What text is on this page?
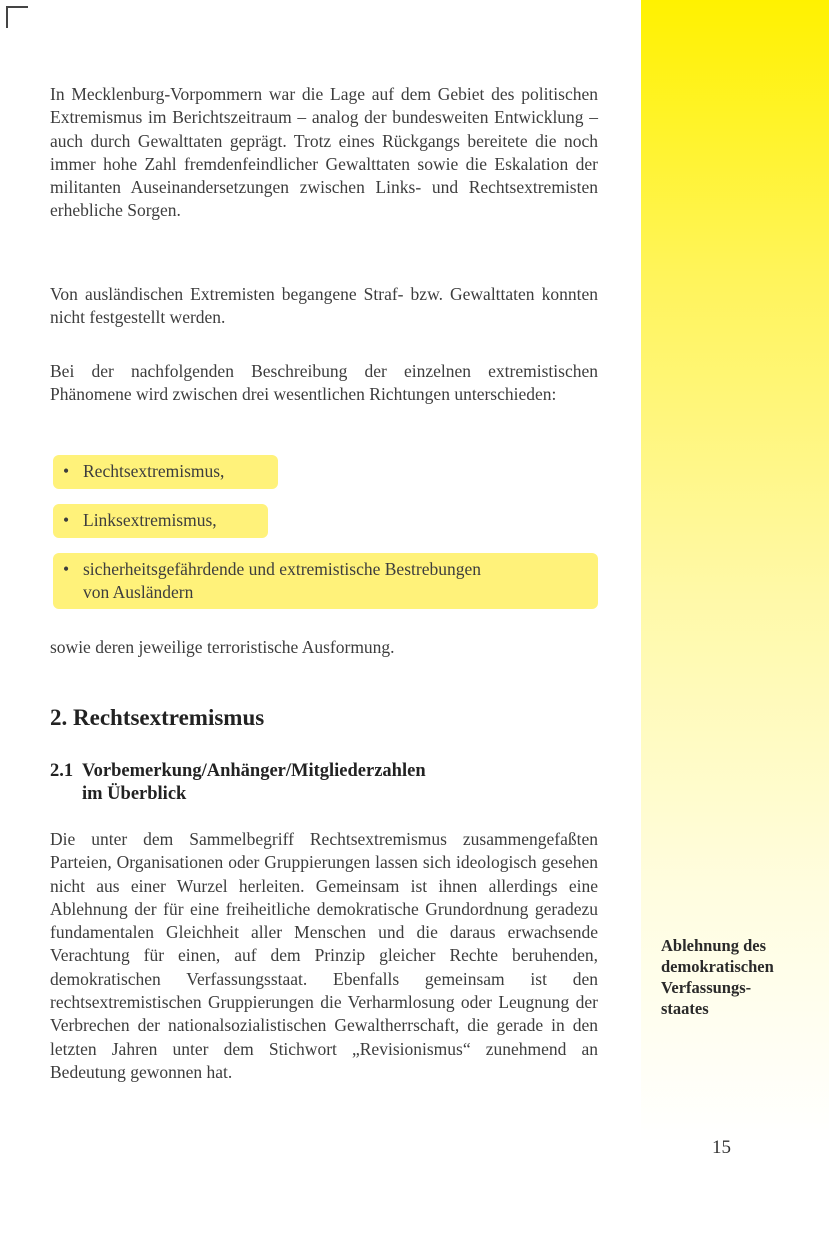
In Mecklenburg-Vorpommern war die Lage auf dem Gebiet des politischen Extremismus im Berichtszeitraum – analog der bundesweiten Entwicklung – auch durch Gewalttaten geprägt. Trotz eines Rückgangs bereitete die noch immer hohe Zahl fremdenfeindlicher Gewalttaten sowie die Eskalation der militanten Auseinandersetzungen zwischen Links- und Rechtsextremisten erhebliche Sorgen.

Von ausländischen Extremisten begangene Straf- bzw. Gewalttaten konnten nicht festgestellt werden.

Bei der nachfolgenden Beschreibung der einzelnen extremistischen Phänomene wird zwischen drei wesentlichen Richtungen unterschieden:

• Rechtsextremismus,
• Linksextremismus,
• sicherheitsgefährdende und extremistische Bestrebungen
von Ausländern

sowie deren jeweilige terroristische Ausformung.

2. Rechtsextremismus
2.1 Vorbemerkung/Anhänger/Mitgliederzahlen
im Überblick

Die unter dem Sammelbegriff Rechtsextremismus zusammengefaßten Parteien, Organisationen oder Gruppierungen lassen sich ideologisch gesehen nicht aus einer Wurzel herleiten. Gemeinsam ist ihnen allerdings eine Ablehnung der für eine freiheitliche demokratische Grundordnung geradezu fundamentalen Gleichheit aller Menschen und die daraus erwachsende Verachtung für einen, auf dem Prinzip gleicher Rechte beruhenden, demokratischen Verfassungsstaat. Ebenfalls gemeinsam ist den rechtsextremistischen Gruppierungen die Verharmlosung oder Leugnung der Verbrechen der nationalsozialistischen Gewaltherrschaft, die gerade in den letzten Jahren unter dem Stichwort „Revisionismus“ zunehmend an Bedeutung gewonnen hat.

Ablehnung des
demokratischen
Verfassungs-
staates
15
